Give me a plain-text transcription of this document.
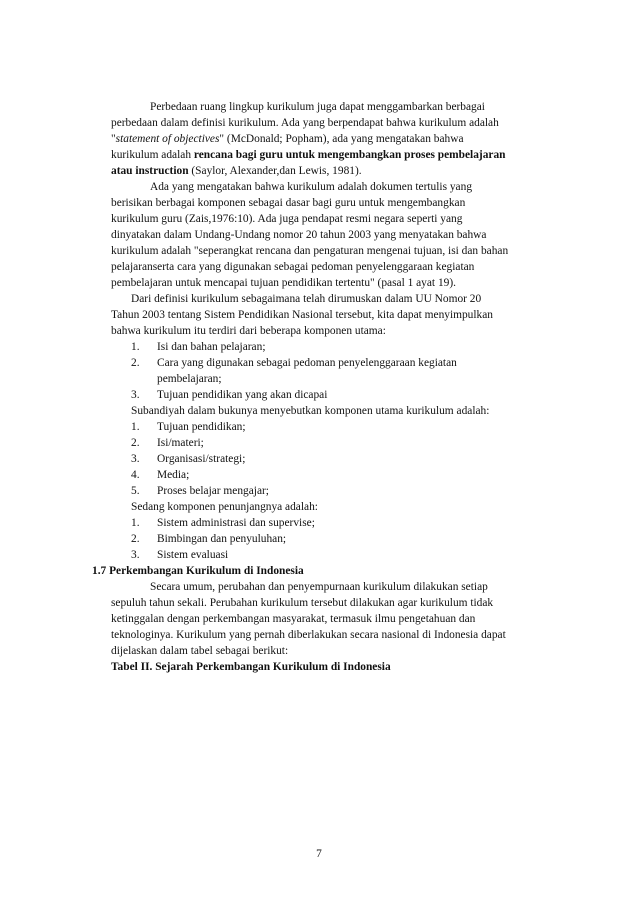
Perbedaan ruang lingkup kurikulum juga dapat menggambarkan berbagai
perbedaan dalam definisi kurikulum. Ada yang berpendapat bahwa kurikulum adalah
"statement of objectives" (McDonald; Popham), ada yang mengatakan bahwa
kurikulum adalah rencana bagi guru untuk mengembangkan proses pembelajaran
atau instruction (Saylor, Alexander,dan Lewis, 1981).
Ada yang mengatakan bahwa kurikulum adalah dokumen tertulis yang
berisikan berbagai komponen sebagai dasar bagi guru untuk mengembangkan
kurikulum guru (Zais,1976:10). Ada juga pendapat resmi negara seperti yang
dinyatakan dalam Undang-Undang nomor 20 tahun 2003 yang menyatakan bahwa
kurikulum adalah "seperangkat rencana dan pengaturan mengenai tujuan, isi dan bahan
pelajaranserta cara yang digunakan sebagai pedoman penyelenggaraan kegiatan
pembelajaran untuk mencapai tujuan pendidikan tertentu" (pasal 1 ayat 19).
Dari definisi kurikulum sebagaimana telah dirumuskan dalam UU Nomor 20
Tahun 2003 tentang Sistem Pendidikan Nasional tersebut, kita dapat menyimpulkan
bahwa kurikulum itu terdiri dari beberapa komponen utama:
1. Isi dan bahan pelajaran;
2. Cara yang digunakan sebagai pedoman penyelenggaraan kegiatan
pembelajaran;
3. Tujuan pendidikan yang akan dicapai
Subandiyah dalam bukunya menyebutkan komponen utama kurikulum adalah:
1. Tujuan pendidikan;
2. Isi/materi;
3. Organisasi/strategi;
4. Media;
5. Proses belajar mengajar;
Sedang komponen penunjangnya adalah:
1. Sistem administrasi dan supervise;
2. Bimbingan dan penyuluhan;
3. Sistem evaluasi
1.7 Perkembangan Kurikulum di Indonesia
Secara umum, perubahan dan penyempurnaan kurikulum dilakukan setiap
sepuluh tahun sekali. Perubahan kurikulum tersebut dilakukan agar kurikulum tidak
ketinggalan dengan perkembangan masyarakat, termasuk ilmu pengetahuan dan
teknologinya. Kurikulum yang pernah diberlakukan secara nasional di Indonesia dapat
dijelaskan dalam tabel sebagai berikut:
Tabel II. Sejarah Perkembangan Kurikulum di Indonesia
7
